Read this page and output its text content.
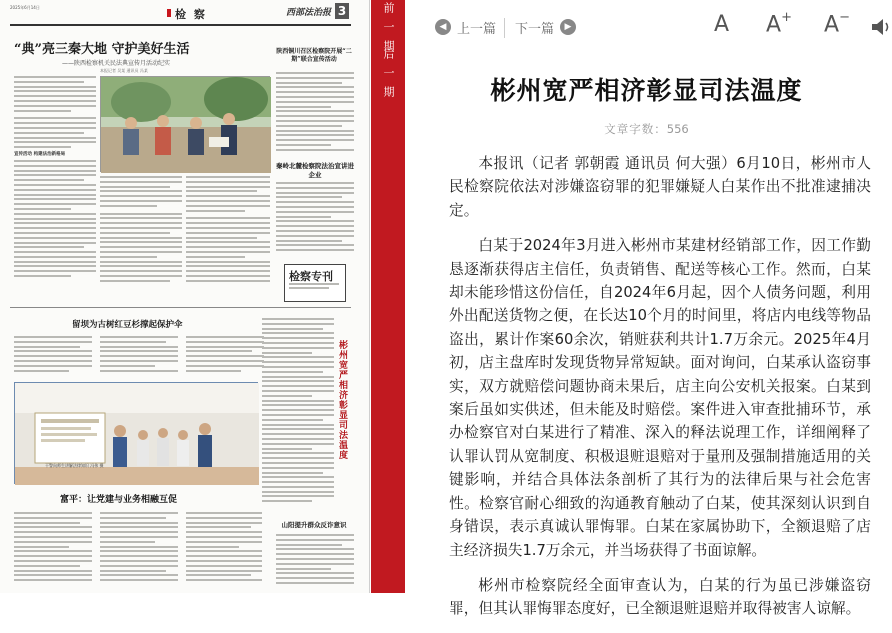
2025年6月14日
检 察	西部法治报 3
“典”亮三秦大地 守护美好生活
——陕西检察机关民法典宣传月活动纪实
本报记者 吴某 通讯员 冯某
宣传活动 构建法治新格局
陕西铜川召区检察院开展“二期”联合宣传活动
秦岭北麓检察院法治宣讲进企业
检察专刊
留坝为古树红豆杉撑起保护伞
干警向师生讲解法律知识 冯伟 摄
彬州宽严相济彰显司法温度
富平：让党建与业务相融互促
山阳提升群众反诈意识
前一期
后一期
◀ 上一篇 下一篇	▶	A A+ A−
彬州宽严相济彰显司法温度
文章字数：556

本报讯（记者 郭朝霞 通讯员 何大强）6月10日，彬州市人民检察院依法对涉嫌盗窃罪的犯罪嫌疑人白某作出不批准逮捕决定。

白某于2024年3月进入彬州市某建材经销部工作，因工作勤恳逐渐获得店主信任，负责销售、配送等核心工作。然而，白某却未能珍惜这份信任，自2024年6月起，因个人债务问题，利用外出配送货物之便，在长达10个月的时间里，将店内电线等物品盗出，累计作案60余次，销赃获利共计1.7万余元。2025年4月初，店主盘库时发现货物异常短缺。面对询问，白某承认盗窃事实，双方就赔偿问题协商未果后，店主向公安机关报案。白某到案后虽如实供述，但未能及时赔偿。案件进入审查批捕环节，承办检察官对白某进行了精准、深入的释法说理工作，详细阐释了认罪认罚从宽制度、积极退赃退赔对于量刑及强制措施适用的关键影响，并结合具体法条剖析了其行为的法律后果与社会危害性。检察官耐心细致的沟通教育触动了白某，使其深刻认识到自身错误，表示真诚认罪悔罪。白某在家属协助下，全额退赔了店主经济损失1.7万余元，并当场获得了书面谅解。

彬州市检察院经全面审查认为，白某的行为虽已涉嫌盗窃罪，但其认罪悔罪态度好，已全额退赃退赔并取得被害人谅解。
